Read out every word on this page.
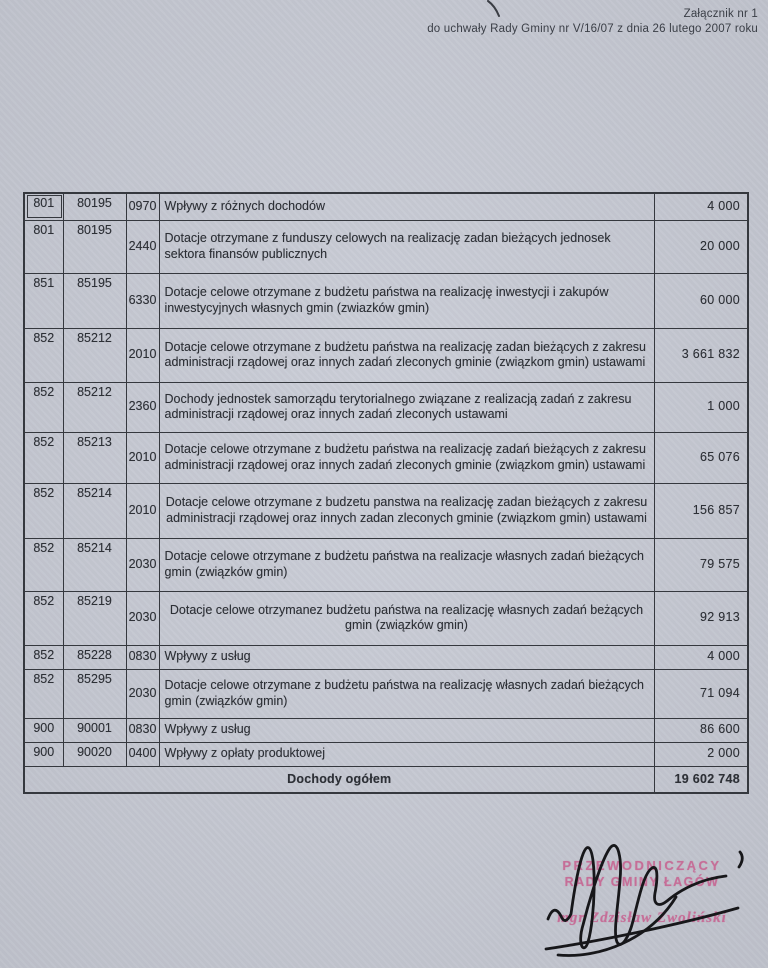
Załącznik nr 1
do uchwały Rady Gminy nr V/16/07 z dnia 26 lutego 2007 roku
801	80195	0970	Wpływy z różnych dochodów	4 000
801	80195	2440	Dotacje otrzymane z funduszy celowych na realizację zadan bieżących jednosek sektora finansów publicznych	20 000
851	85195	6330	Dotacje celowe otrzymane z budżetu państwa na realizację inwestycji i zakupów inwestycyjnych własnych gmin (zwiazków gmin)	60 000
852	85212	2010	Dotacje celowe otrzymane z budżetu państwa na realizację zadan bieżących z zakresu administracji rządowej oraz innych zadań zleconych gminie (związkom gmin) ustawami	3 661 832
852	85212	2360	Dochody jednostek samorządu terytorialnego związane z realizacją zadań z zakresu administracji rządowej oraz innych zadań zleconych ustawami	1 000
852	85213	2010	Dotacje celowe otrzymane z budżetu państwa na realizację zadań bieżących z zakresu administracji rządowej oraz innych zadań zleconych gminie (związkom gmin) ustawami	65 076
852	85214	2010	Dotacje celowe otrzymane z budzetu panstwa na realizację zadan bieżących z zakresu administracji rządowej oraz innych zadan zleconych gminie (związkom gmin) ustawami	156 857
852	85214	2030	Dotacje celowe otrzymane z budżetu państwa na realizacje własnych zadań bieżących gmin (związków gmin)	79 575
852	85219	2030	Dotacje celowe otrzymanez budżetu państwa na realizację własnych zadań beżących gmin (związków gmin)	92 913
852	85228	0830	Wpływy z usług	4 000
852	85295	2030	Dotacje celowe otrzymane z budżetu państwa na realizację własnych zadań bieżących gmin (związków gmin)	71 094
900	90001	0830	Wpływy z usług	86 600
900	90020	0400	Wpływy z opłaty produktowej	2 000
Dochody ogółem				19 602 748
PRZEWODNICZĄCY
RADY GMINY ŁAGÓW
mgr Zdzisław Zwoliński
